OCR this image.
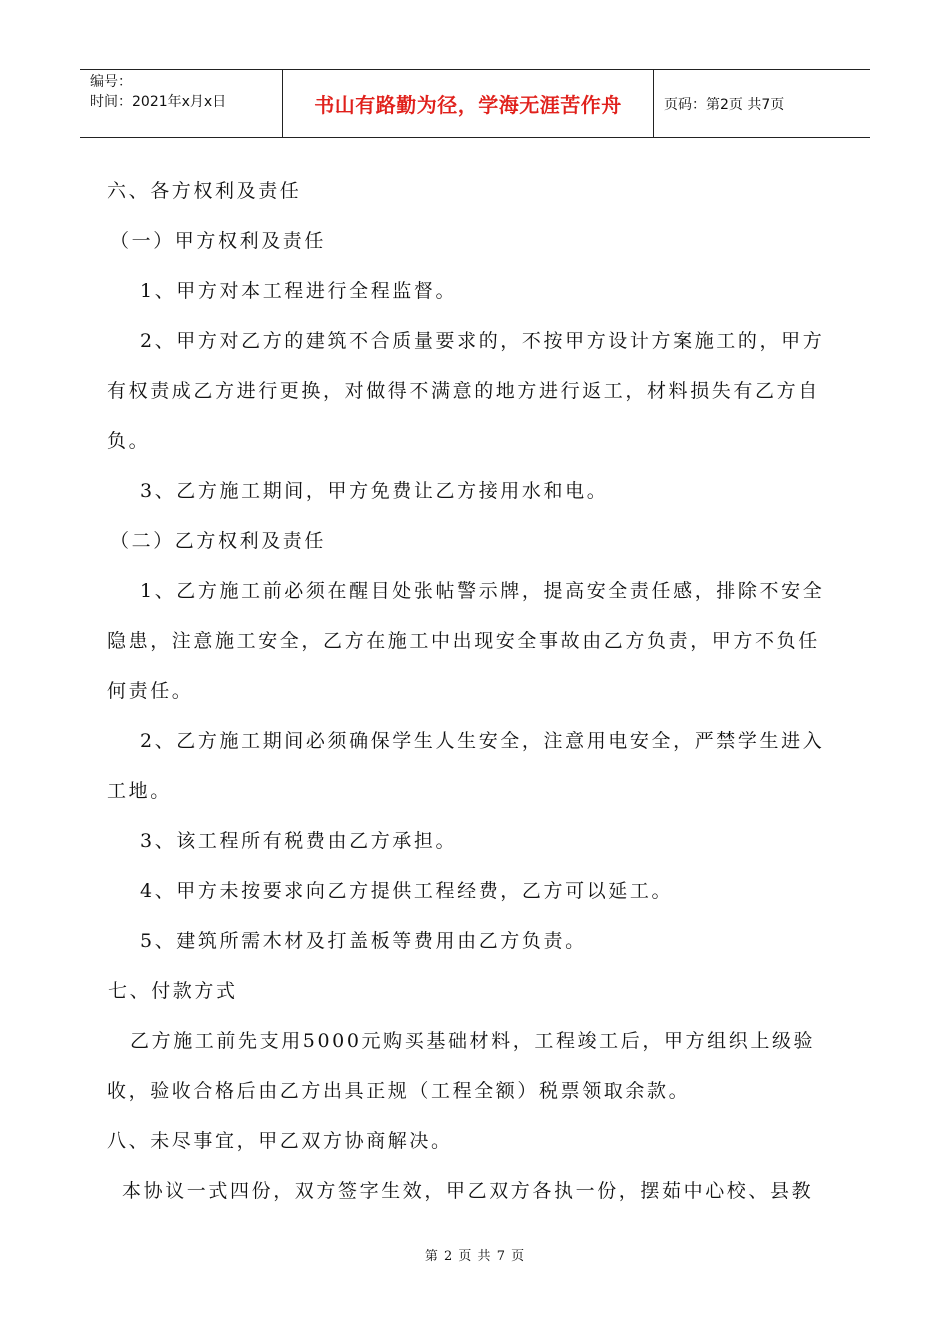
编号：
时间：2021年x月x日	书山有路勤为径，学海无涯苦作舟	页码：第2页 共7页
六、各方权利及责任
（一）甲方权利及责任
1、甲方对本工程进行全程监督。
2、甲方对乙方的建筑不合质量要求的，不按甲方设计方案施工的，甲方
有权责成乙方进行更换，对做得不满意的地方进行返工，材料损失有乙方自
负。
3、乙方施工期间，甲方免费让乙方接用水和电。
（二）乙方权利及责任
1、乙方施工前必须在醒目处张帖警示牌，提高安全责任感，排除不安全
隐患，注意施工安全，乙方在施工中出现安全事故由乙方负责，甲方不负任
何责任。
2、乙方施工期间必须确保学生人生安全，注意用电安全，严禁学生进入
工地。
3、该工程所有税费由乙方承担。
4、甲方未按要求向乙方提供工程经费，乙方可以延工。
5、建筑所需木材及打盖板等费用由乙方负责。
七、付款方式
乙方施工前先支用5000元购买基础材料，工程竣工后，甲方组织上级验
收，验收合格后由乙方出具正规（工程全额）税票领取余款。
八、未尽事宜，甲乙双方协商解决。
本协议一式四份，双方签字生效，甲乙双方各执一份，摆茹中心校、县教
第 2 页 共 7 页
